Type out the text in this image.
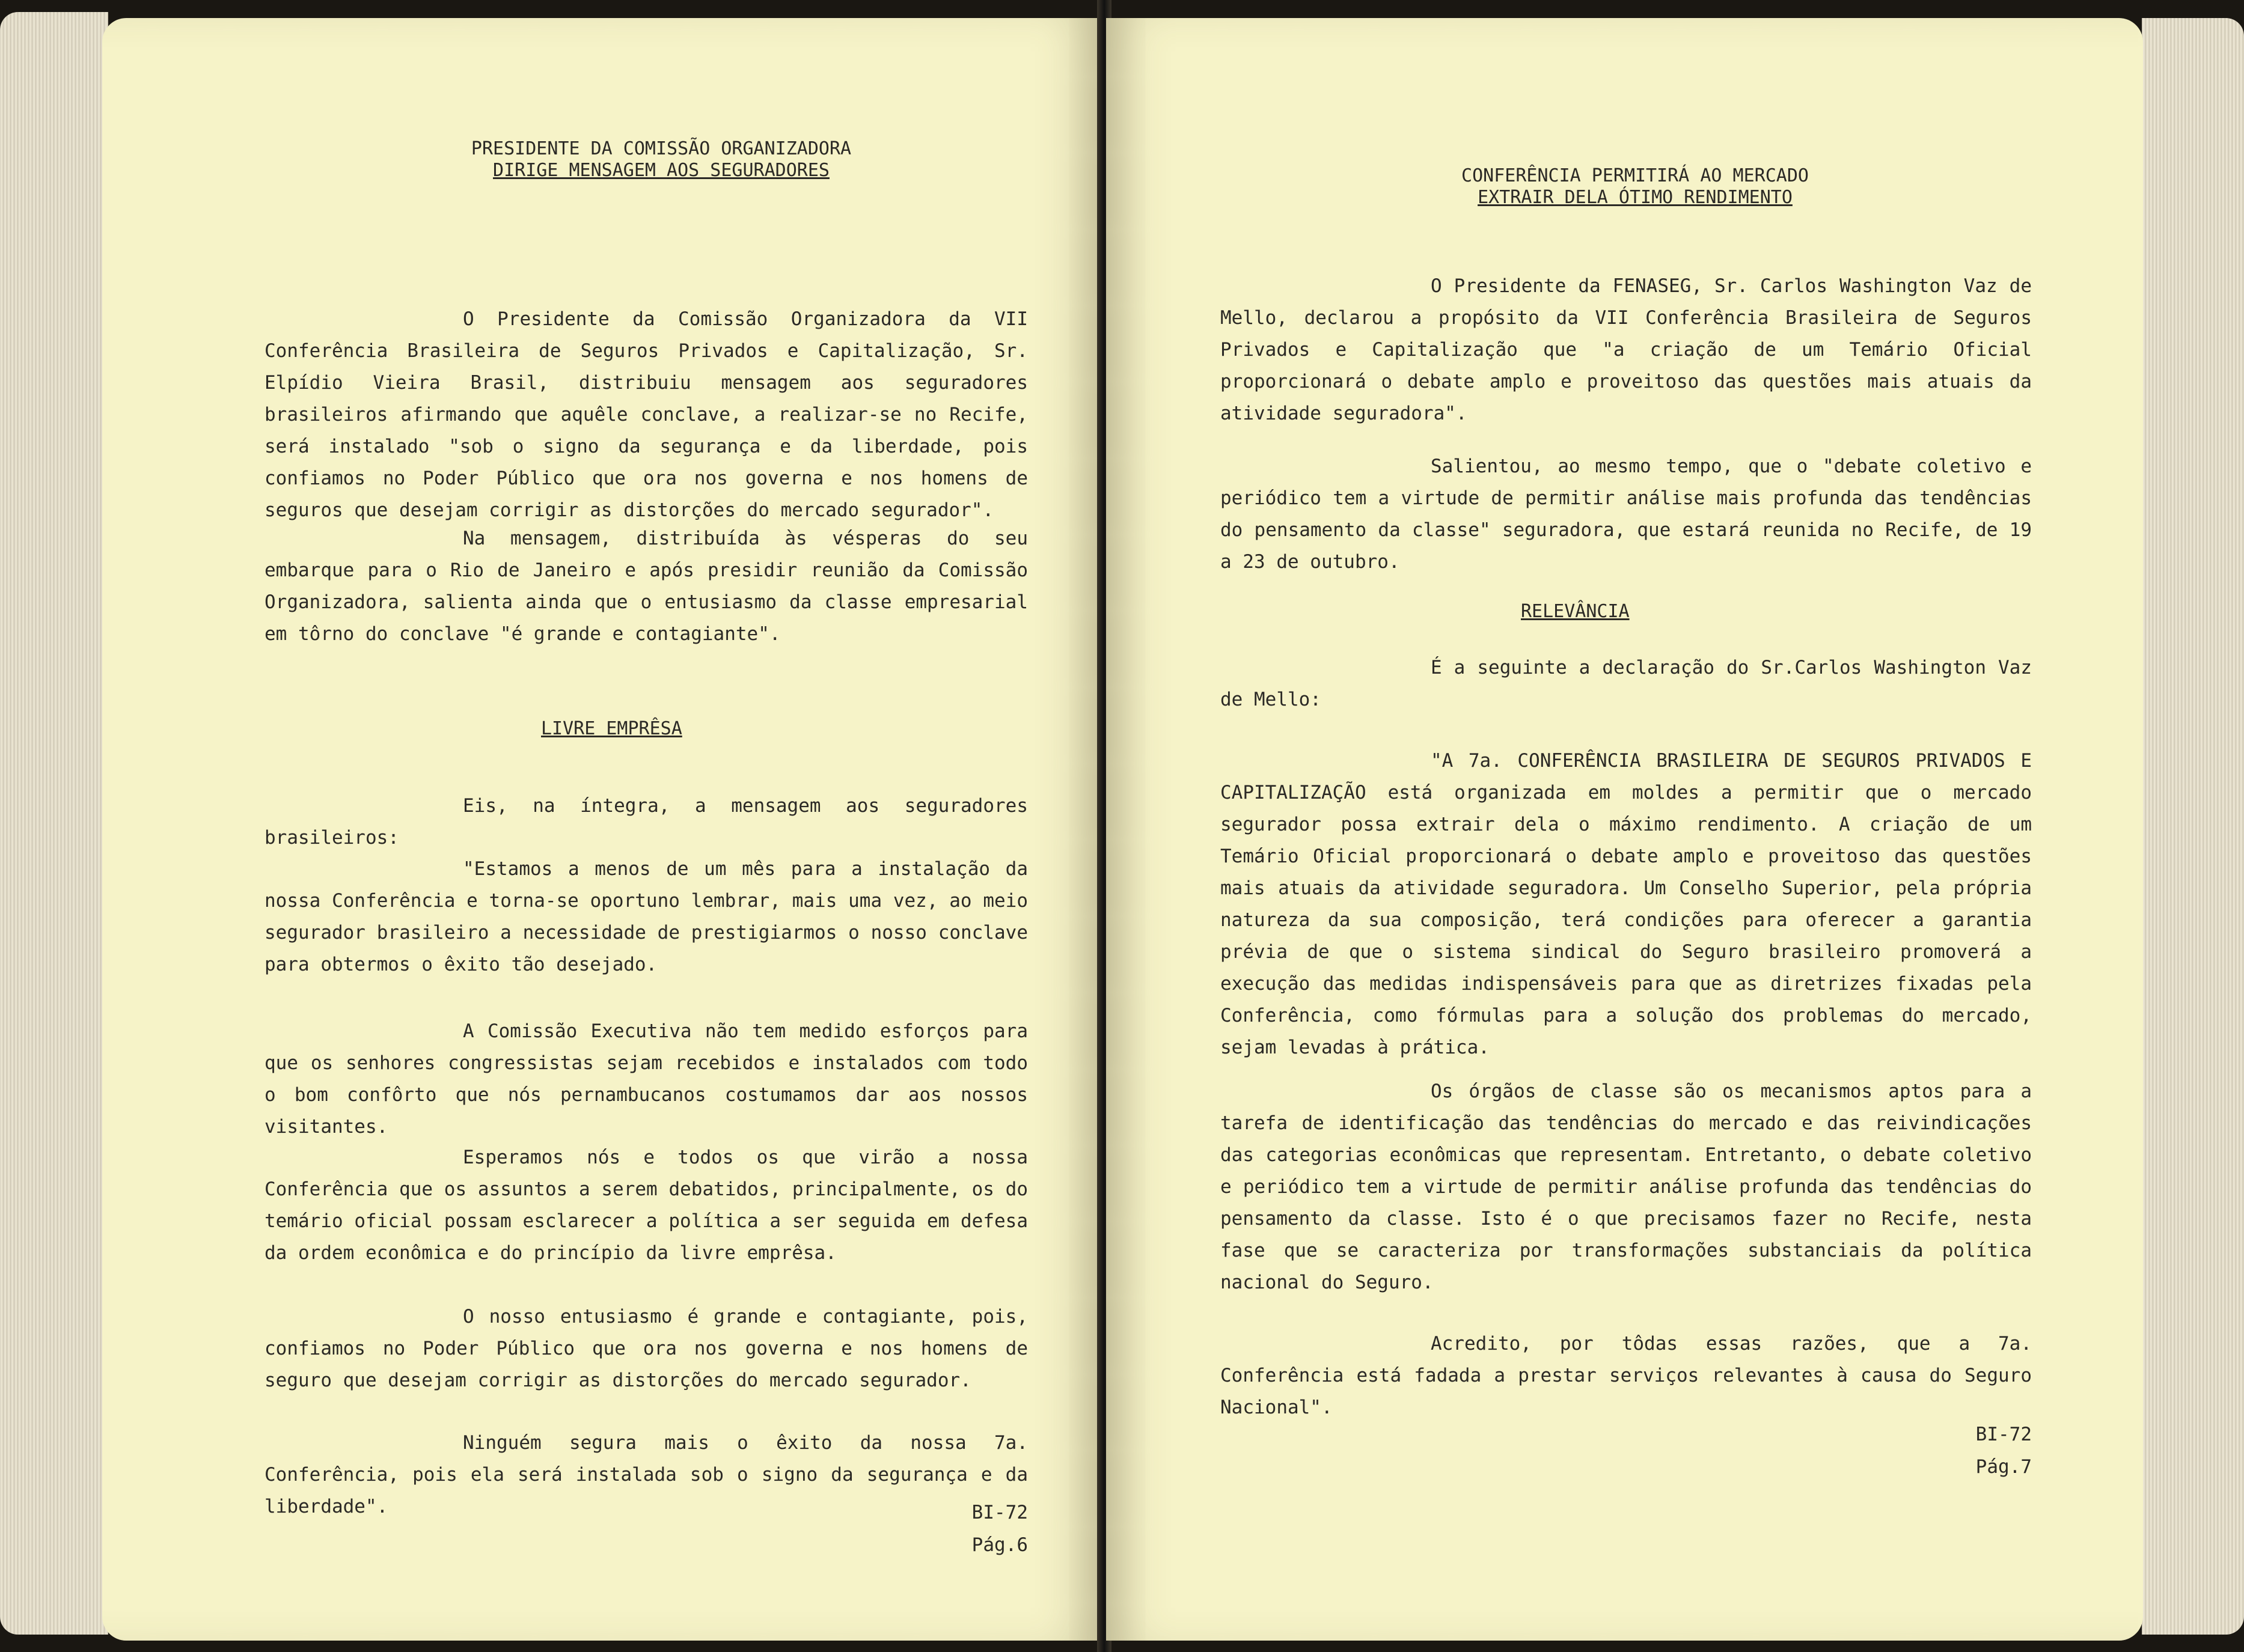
PRESIDENTE DA COMISSÃO ORGANIZADORA
DIRIGE MENSAGEM AOS SEGURADORES

O Presidente da Comissão Organizadora da VII Conferência Brasileira de Seguros Privados e Capitalização, Sr. Elpídio Vieira Brasil, distribuiu mensagem aos seguradores brasileiros afirmando que aquêle conclave, a realizar-se no Recife, será instalado "sob o signo da segurança e da liberdade, pois confiamos no Poder Público que ora nos governa e nos homens de seguros que desejam corrigir as distorções do mercado segurador".

Na mensagem, distribuída às vésperas do seu embarque para o Rio de Janeiro e após presidir reunião da Comissão Organizadora, salienta ainda que o entusiasmo da classe empresarial em tôrno do conclave "é grande e contagiante".

LIVRE EMPRÊSA

Eis, na íntegra, a mensagem aos seguradores brasileiros:

"Estamos a menos de um mês para a instalação da nossa Conferência e torna-se oportuno lembrar, mais uma vez, ao meio segurador brasileiro a necessidade de prestigiarmos o nosso conclave para obtermos o êxito tão desejado.

A Comissão Executiva não tem medido esforços para que os senhores congressistas sejam recebidos e instalados com todo o bom confôrto que nós pernambucanos costumamos dar aos nossos visitantes.

Esperamos nós e todos os que virão a nossa Conferência que os assuntos a serem debatidos, principalmente, os do temário oficial possam esclarecer a política a ser seguida em defesa da ordem econômica e do princípio da livre emprêsa.

O nosso entusiasmo é grande e contagiante, pois, confiamos no Poder Público que ora nos governa e nos homens de seguro que desejam corrigir as distorções do mercado segurador.

Ninguém segura mais o êxito da nossa 7a. Conferência, pois ela será instalada sob o signo da segurança e da liberdade".	BI-72
Pág.6
CONFERÊNCIA PERMITIRÁ AO MERCADO
EXTRAIR DELA ÓTIMO RENDIMENTO

O Presidente da FENASEG, Sr. Carlos Washington Vaz de Mello, declarou a propósito da VII Conferência Brasileira de Seguros Privados e Capitalização que "a criação de um Temário Oficial proporcionará o debate amplo e proveitoso das questões mais atuais da atividade seguradora".

Salientou, ao mesmo tempo, que o "debate coletivo e periódico tem a virtude de permitir análise mais profunda das tendências do pensamento da classe" seguradora, que estará reunida no Recife, de 19 a 23 de outubro.

RELEVÂNCIA

É a seguinte a declaração do Sr.Carlos Washington Vaz de Mello:

"A 7a. CONFERÊNCIA BRASILEIRA DE SEGUROS PRIVADOS E CAPITALIZAÇÃO está organizada em moldes a permitir que o mercado segurador possa extrair dela o máximo rendimento. A criação de um Temário Oficial proporcionará o debate amplo e proveitoso das questões mais atuais da atividade seguradora. Um Conselho Superior, pela própria natureza da sua composição, terá condições para oferecer a garantia prévia de que o sistema sindical do Seguro brasileiro promoverá a execução das medidas indispensáveis para que as diretrizes fixadas pela Conferência, como fórmulas para a solução dos problemas do mercado, sejam levadas à prática.

Os órgãos de classe são os mecanismos aptos para a tarefa de identificação das tendências do mercado e das reivindicações das categorias econômicas que representam. Entretanto, o debate coletivo e periódico tem a virtude de permitir análise profunda das tendências do pensamento da classe. Isto é o que precisamos fazer no Recife, nesta fase que se caracteriza por transformações substanciais da política nacional do Seguro.

Acredito, por tôdas essas razões, que a 7a. Conferência está fadada a prestar serviços relevantes à causa do Seguro Nacional".

BI-72
Pág.7
